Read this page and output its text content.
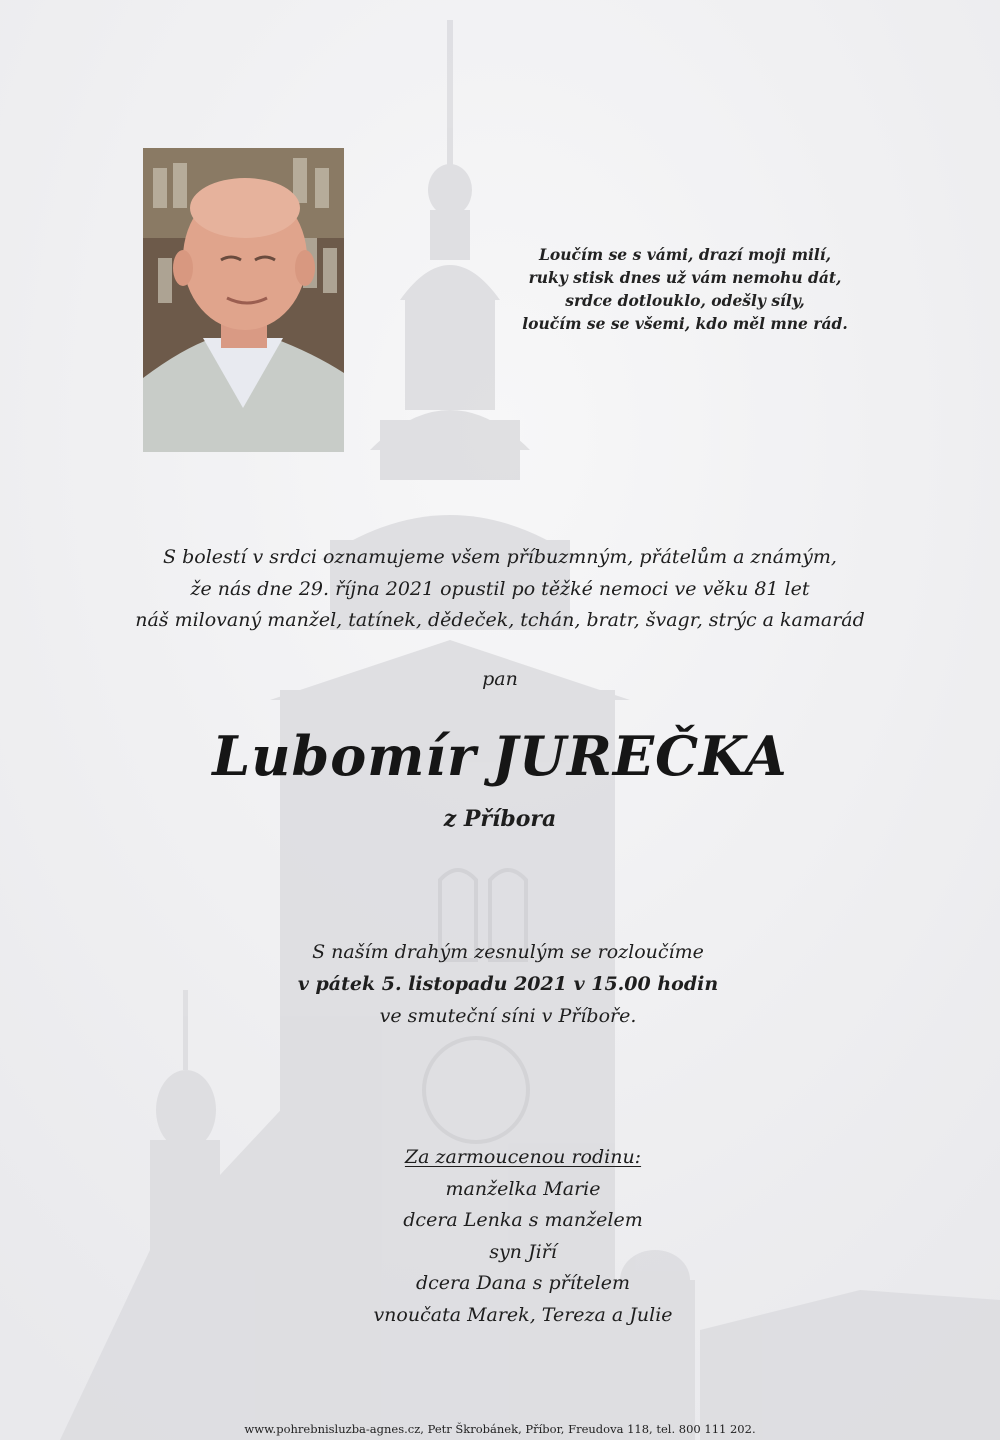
Loučím se s vámi, drazí moji milí,
ruky stisk dnes už vám nemohu dát,
srdce dotlouklo, odešly síly,
loučím se se všemi, kdo měl mne rád.
S bolestí v srdci oznamujeme všem příbuzmným, přátelům a známým,
že nás dne 29. října 2021 opustil po těžké nemoci ve věku 81 let
náš milovaný manžel, tatínek, dědeček, tchán, bratr, švagr, strýc a kamarád
pan
Lubomír JUREČKA
z Příbora
S naším drahým zesnulým se rozloučíme
v pátek 5. listopadu 2021 v 15.00 hodin
ve smuteční síni v Příboře.
Za zarmoucenou rodinu:
manželka Marie
dcera Lenka s manželem
syn Jiří
dcera Dana s přítelem
vnoučata Marek, Tereza a Julie
www.pohrebnisluzba-agnes.cz, Petr Škrobánek, Příbor, Freudova 118, tel. 800 111 202.
